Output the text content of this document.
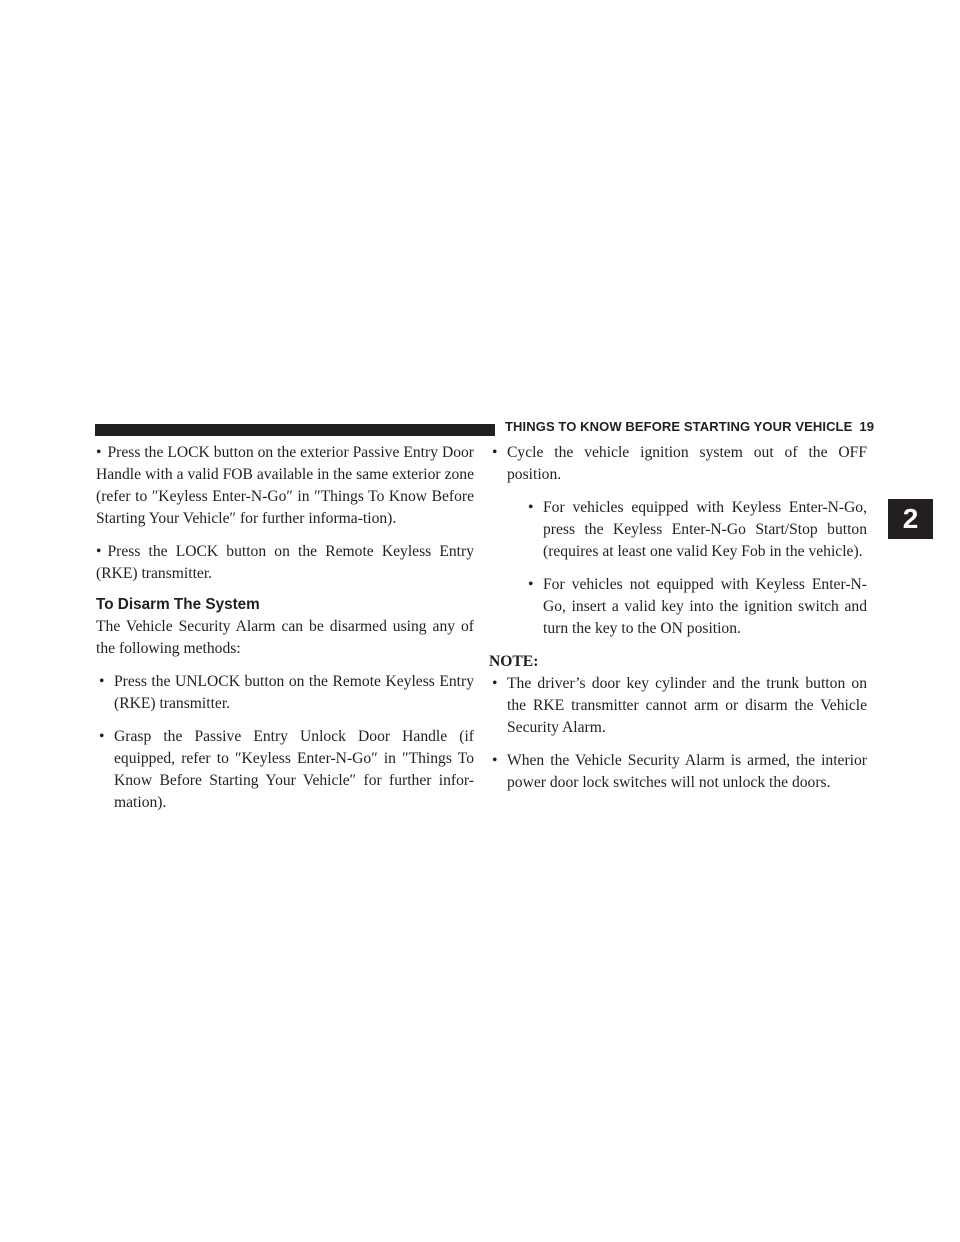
THINGS TO KNOW BEFORE STARTING YOUR VEHICLE 19
2

• Press the LOCK button on the exterior Passive Entry Door Handle with a valid FOB available in the same exterior zone (refer to ″Keyless Enter-N-Go″ in ″Things To Know Before Starting Your Vehicle″ for further informa-tion).

• Press the LOCK button on the Remote Keyless Entry (RKE) transmitter.

To Disarm The System

The Vehicle Security Alarm can be disarmed using any of the following methods:

• Press the UNLOCK button on the Remote Keyless Entry (RKE) transmitter.
• Grasp the Passive Entry Unlock Door Handle (if equipped, refer to ″Keyless Enter-N-Go″ in ″Things To Know Before Starting Your Vehicle″ for further infor-mation).
• Cycle the vehicle ignition system out of the OFF position.
• For vehicles equipped with Keyless Enter-N-Go, press the Keyless Enter-N-Go Start/Stop button (requires at least one valid Key Fob in the vehicle).
• For vehicles not equipped with Keyless Enter-N-Go, insert a valid key into the ignition switch and turn the key to the ON position.

NOTE:

• The driver’s door key cylinder and the trunk button on the RKE transmitter cannot arm or disarm the Vehicle Security Alarm.
• When the Vehicle Security Alarm is armed, the interior power door lock switches will not unlock the doors.
